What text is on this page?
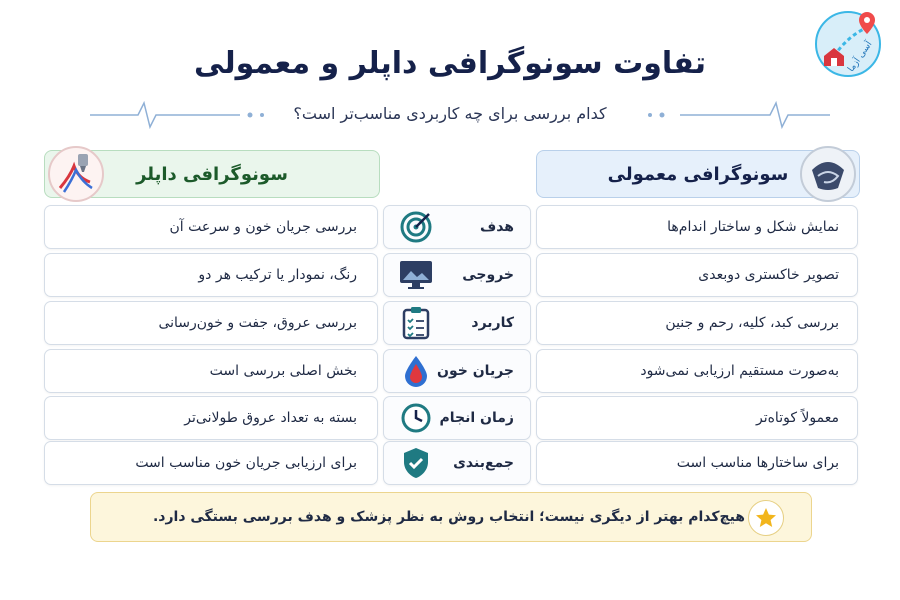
تفاوت سونوگرافی داپلر و معمولی
کدام بررسی برای چه کاربردی مناسب‌تر است؟
آسی آزما
سونوگرافی معمولی
سونوگرافی داپلر
نمایش شکل و ساختار اندام‌ها
هدف
بررسی جریان خون و سرعت آن
تصویر خاکستری دوبعدی
خروجی
رنگ، نمودار یا ترکیب هر دو
بررسی کبد، کلیه، رحم و جنین
کاربرد
بررسی عروق، جفت و خون‌رسانی
به‌صورت مستقیم ارزیابی نمی‌شود
جریان خون
بخش اصلی بررسی است
معمولاً کوتاه‌تر
زمان انجام
بسته به تعداد عروق طولانی‌تر
برای ساختارها مناسب است
جمع‌بندی
برای ارزیابی جریان خون مناسب است
هیچ‌کدام بهتر از دیگری نیست؛ انتخاب روش به نظر پزشک و هدف بررسی بستگی دارد.
